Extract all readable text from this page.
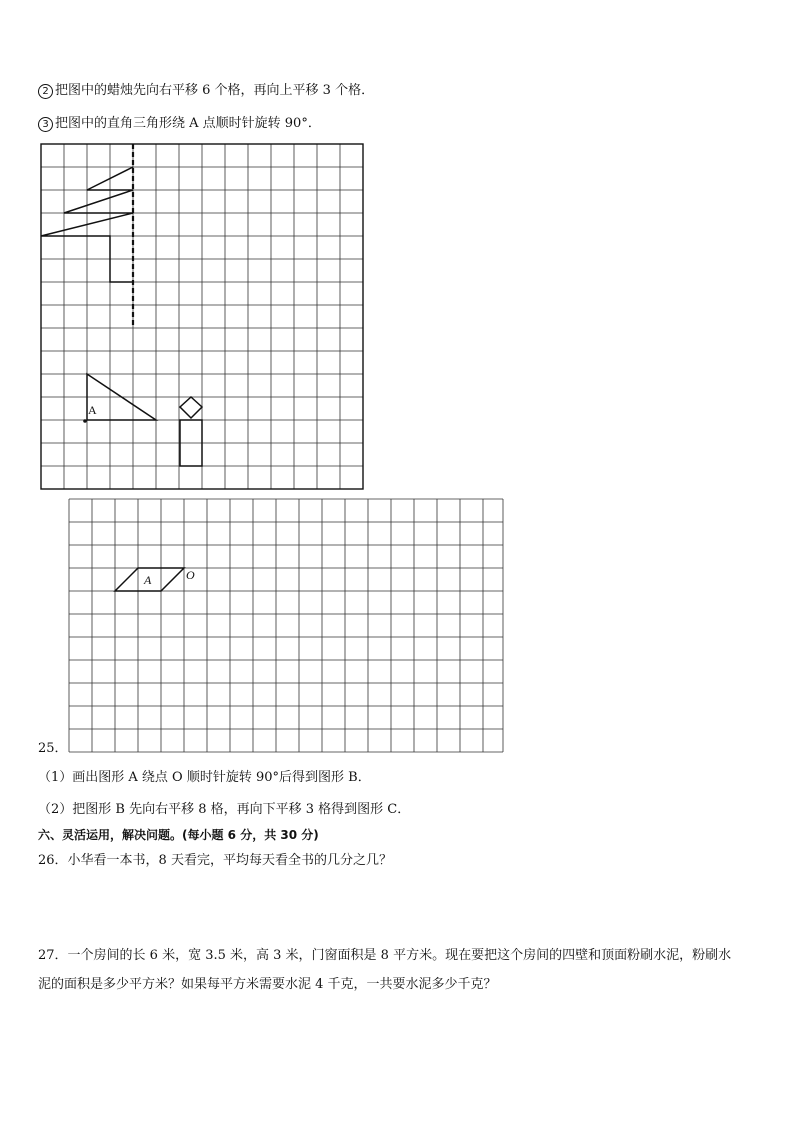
2 把图中的蜡烛先向右平移 6 个格，再向上平移 3 个格．
3 把图中的直角三角形绕 A 点顺时针旋转 90°．
A
A	O
25．
（1）画出图形 A 绕点 O 顺时针旋转 90°后得到图形 B．
（2）把图形 B 先向右平移 8 格，再向下平移 3 格得到图形 C．
六、灵活运用，解决问题。(每小题 6 分，共 30 分)
26．小华看一本书，8 天看完，平均每天看全书的几分之几？
27．一个房间的长 6 米，宽 3.5 米，高 3 米，门窗面积是 8 平方米。现在要把这个房间的四壁和顶面粉刷水泥，粉刷水
泥的面积是多少平方米？如果每平方米需要水泥 4 千克，一共要水泥多少千克？
